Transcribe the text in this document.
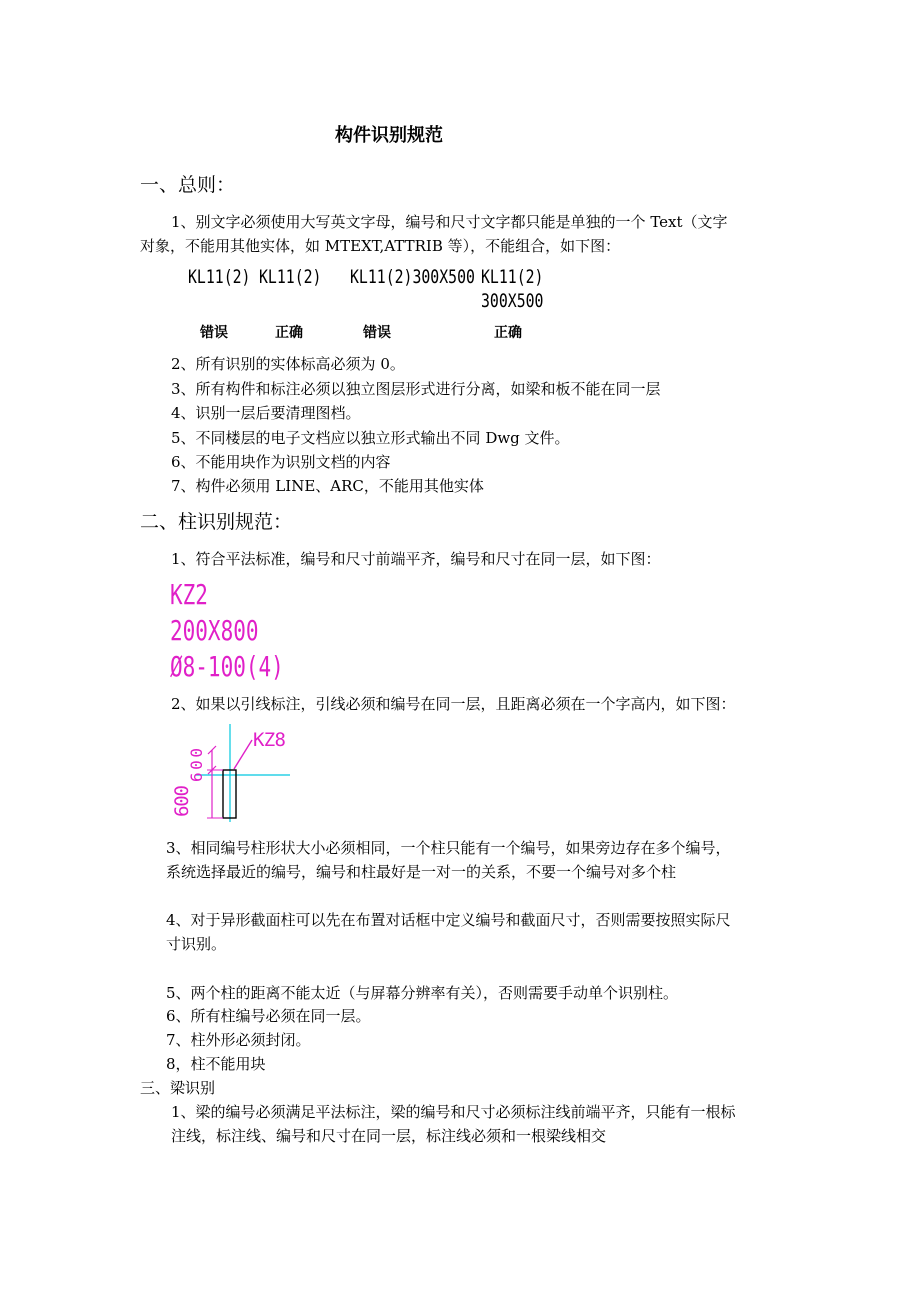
构件识别规范
一、总则：
1、别文字必须使用大写英文字母，编号和尺寸文字都只能是单独的一个 Text（文字
对象，不能用其他实体，如 MTEXT,ATTRIB 等），不能组合，如下图：
KL11(2) KL11(2) KL11(2)300X500 KL11(2)
300X500
错误	正确	错误	正确
2、所有识别的实体标高必须为 0。
3、所有构件和标注必须以独立图层形式进行分离，如梁和板不能在同一层
4、识别一层后要清理图档。
5、不同楼层的电子文档应以独立形式输出不同 Dwg 文件。
6、不能用块作为识别文档的内容
7、构件必须用 LINE、ARC，不能用其他实体
二、柱识别规范：
1、符合平法标准，编号和尺寸前端平齐，编号和尺寸在同一层，如下图：
KZ2
200X800
Ø8-100(4)
2、如果以引线标注，引线必须和编号在同一层，且距离必须在一个字高内，如下图：
KZ8
600
600
3、相同编号柱形状大小必须相同，一个柱只能有一个编号，如果旁边存在多个编号，
系统选择最近的编号，编号和柱最好是一对一的关系，不要一个编号对多个柱
4、对于异形截面柱可以先在布置对话框中定义编号和截面尺寸，否则需要按照实际尺
寸识别。
5、两个柱的距离不能太近（与屏幕分辨率有关），否则需要手动单个识别柱。
6、所有柱编号必须在同一层。
7、柱外形必须封闭。
8，柱不能用块
三、梁识别
1、梁的编号必须满足平法标注，梁的编号和尺寸必须标注线前端平齐，只能有一根标
注线，标注线、编号和尺寸在同一层，标注线必须和一根梁线相交
